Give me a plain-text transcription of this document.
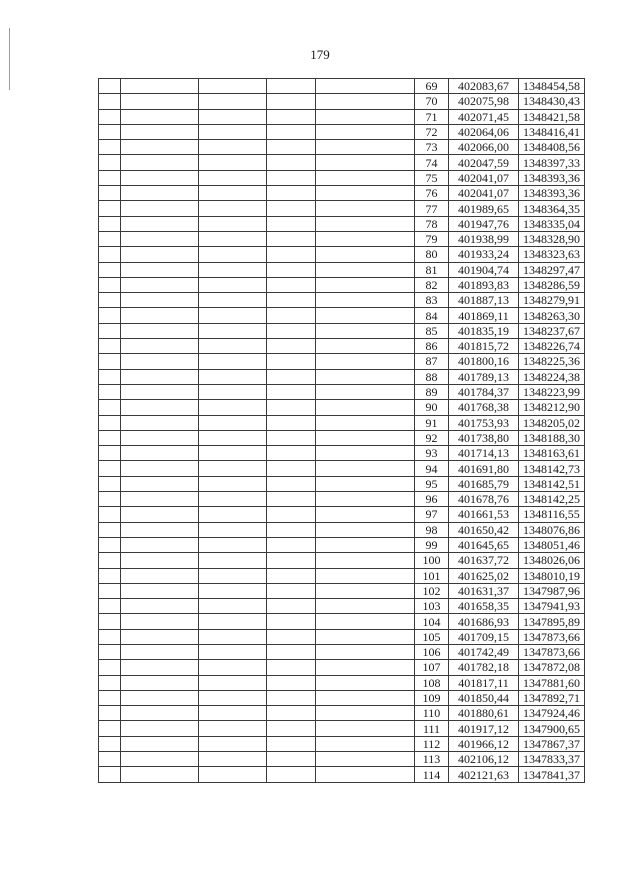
179
					69	402083,67	1348454,58
					70	402075,98	1348430,43
					71	402071,45	1348421,58
					72	402064,06	1348416,41
					73	402066,00	1348408,56
					74	402047,59	1348397,33
					75	402041,07	1348393,36
					76	402041,07	1348393,36
					77	401989,65	1348364,35
					78	401947,76	1348335,04
					79	401938,99	1348328,90
					80	401933,24	1348323,63
					81	401904,74	1348297,47
					82	401893,83	1348286,59
					83	401887,13	1348279,91
					84	401869,11	1348263,30
					85	401835,19	1348237,67
					86	401815,72	1348226,74
					87	401800,16	1348225,36
					88	401789,13	1348224,38
					89	401784,37	1348223,99
					90	401768,38	1348212,90
					91	401753,93	1348205,02
					92	401738,80	1348188,30
					93	401714,13	1348163,61
					94	401691,80	1348142,73
					95	401685,79	1348142,51
					96	401678,76	1348142,25
					97	401661,53	1348116,55
					98	401650,42	1348076,86
					99	401645,65	1348051,46
					100	401637,72	1348026,06
					101	401625,02	1348010,19
					102	401631,37	1347987,96
					103	401658,35	1347941,93
					104	401686,93	1347895,89
					105	401709,15	1347873,66
					106	401742,49	1347873,66
					107	401782,18	1347872,08
					108	401817,11	1347881,60
					109	401850,44	1347892,71
					110	401880,61	1347924,46
					111	401917,12	1347900,65
					112	401966,12	1347867,37
					113	402106,12	1347833,37
					114	402121,63	1347841,37
